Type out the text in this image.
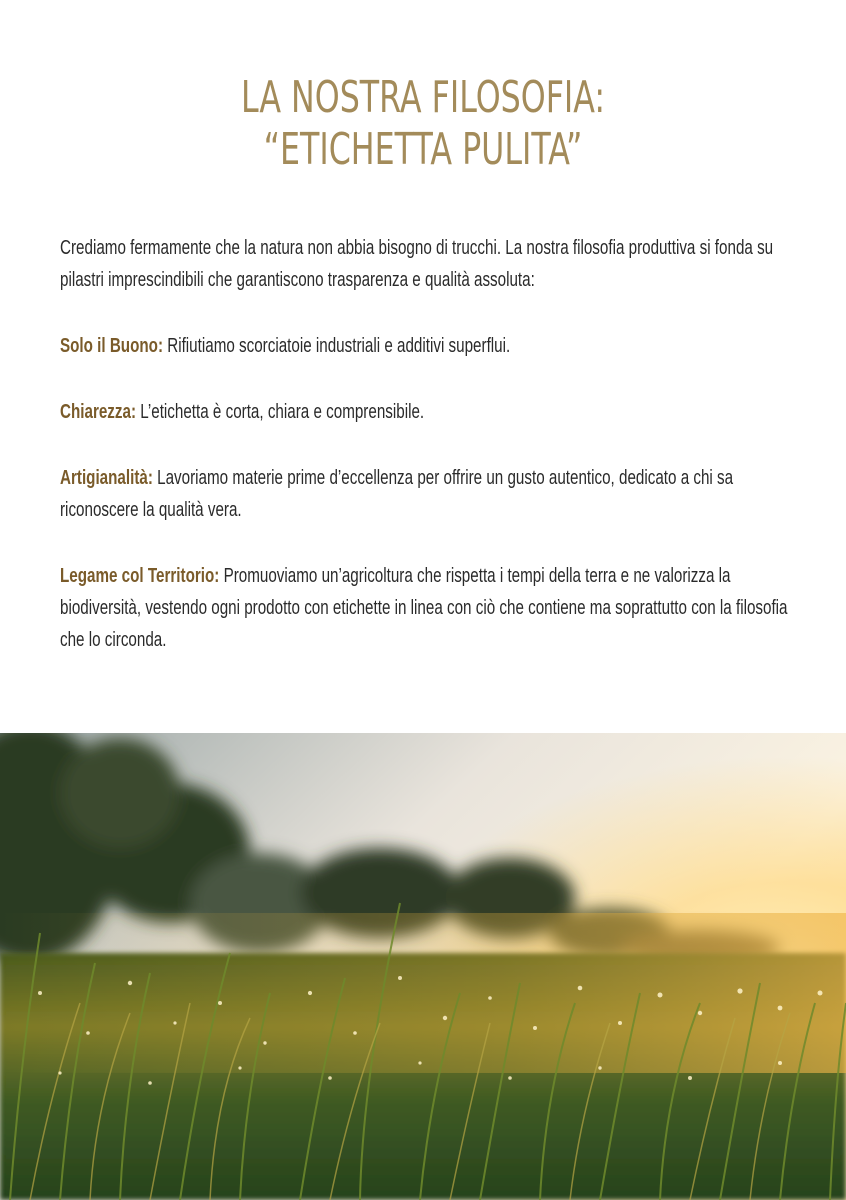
LA NOSTRA FILOSOFIA:
“ETICHETTA PULITA”

Crediamo fermamente che la natura non abbia bisogno di trucchi. La nostra filosofia produttiva si fonda su pilastri imprescindibili che garantiscono trasparenza e qualità assoluta:

Solo il Buono: Rifiutiamo scorciatoie industriali e additivi superflui.

Chiarezza: L’etichetta è corta, chiara e comprensibile.

Artigianalità: Lavoriamo materie prime d’eccellenza per offrire un gusto autentico, dedicato a chi sa riconoscere la qualità vera.

Legame col Territorio: Promuoviamo un’agricoltura che rispetta i tempi della terra e ne valorizza la biodiversità, vestendo ogni prodotto con etichette in linea con ciò che contiene ma soprattutto con la filosofia che lo circonda.
